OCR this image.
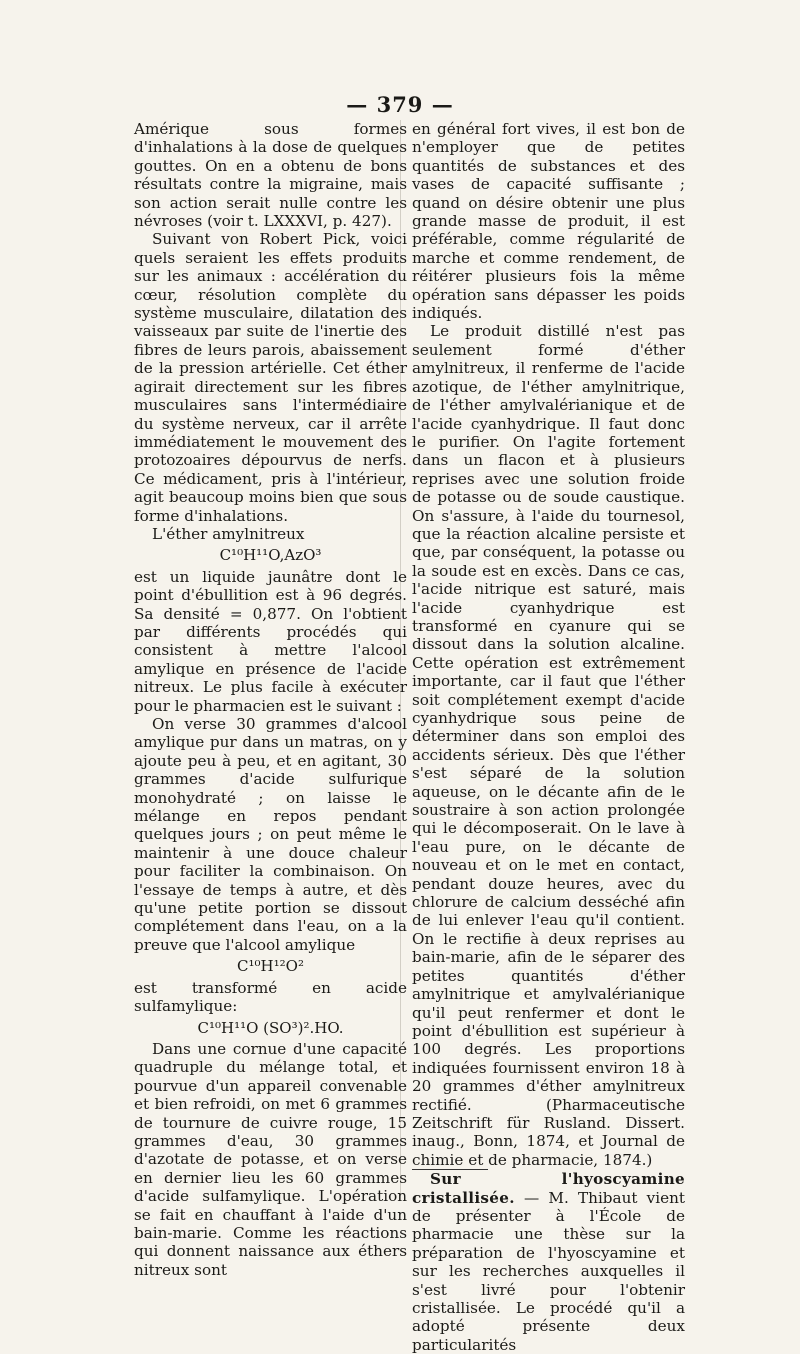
— 379 —

Amérique sous formes d'inhalations à la dose de quelques gouttes. On en a obtenu de bons résultats contre la migraine, mais son action serait nulle contre les névroses (voir t. LXXXVI, p. 427).

Suivant von Robert Pick, voici quels seraient les effets produits sur les animaux : accélération du cœur, résolution complète du système musculaire, dilatation des vaisseaux par suite de l'inertie des fibres de leurs parois, abaissement de la pression artérielle. Cet éther agirait directement sur les fibres musculaires sans l'intermédiaire du système nerveux, car il arrête immédiatement le mouvement des protozoaires dépourvus de nerfs. Ce médicament, pris à l'intérieur, agit beaucoup moins bien que sous forme d'inhalations.

L'éther amylnitreux

C¹⁰H¹¹O,AzO³

est un liquide jaunâtre dont le point d'ébullition est à 96 degrés. Sa densité = 0,877. On l'obtient par différents procédés qui consistent à mettre l'alcool amylique en présence de l'acide nitreux. Le plus facile à exécuter pour le pharmacien est le suivant :

On verse 30 grammes d'alcool amylique pur dans un matras, on y ajoute peu à peu, et en agitant, 30 grammes d'acide sulfurique monohydraté ; on laisse le mélange en repos pendant quelques jours ; on peut même le maintenir à une douce chaleur pour faciliter la combinaison. On l'essaye de temps à autre, et dès qu'une petite portion se dissout complétement dans l'eau, on a la preuve que l'alcool amylique

C¹⁰H¹²O²

est transformé en acide sulfamylique:

C¹⁰H¹¹O (SO³)².HO.

Dans une cornue d'une capacité quadruple du mélange total, et pourvue d'un appareil convenable et bien refroidi, on met 6 grammes de tournure de cuivre rouge, 15 grammes d'eau, 30 grammes d'azotate de potasse, et on verse en dernier lieu les 60 grammes d'acide sulfamylique. L'opération se fait en chauffant à l'aide d'un bain-marie. Comme les réactions qui donnent naissance aux éthers nitreux sont

en général fort vives, il est bon de n'employer que de petites quantités de substances et des vases de capacité suffisante ; quand on désire obtenir une plus grande masse de produit, il est préférable, comme régularité de marche et comme rendement, de réitérer plusieurs fois la même opération sans dépasser les poids indiqués.

Le produit distillé n'est pas seulement formé d'éther amylnitreux, il renferme de l'acide azotique, de l'éther amylnitrique, de l'éther amylvalérianique et de l'acide cyanhydrique. Il faut donc le purifier. On l'agite fortement dans un flacon et à plusieurs reprises avec une solution froide de potasse ou de soude caustique. On s'assure, à l'aide du tournesol, que la réaction alcaline persiste et que, par conséquent, la potasse ou la soude est en excès. Dans ce cas, l'acide nitrique est saturé, mais l'acide cyanhydrique est transformé en cyanure qui se dissout dans la solution alcaline. Cette opération est extrêmement importante, car il faut que l'éther soit complétement exempt d'acide cyanhydrique sous peine de déterminer dans son emploi des accidents sérieux. Dès que l'éther s'est séparé de la solution aqueuse, on le décante afin de le soustraire à son action prolongée qui le décomposerait. On le lave à l'eau pure, on le décante de nouveau et on le met en contact, pendant douze heures, avec du chlorure de calcium desséché afin de lui enlever l'eau qu'il contient. On le rectifie à deux reprises au bain-marie, afin de le séparer des petites quantités d'éther amylnitrique et amylvalérianique qu'il peut renfermer et dont le point d'ébullition est supérieur à 100 degrés. Les proportions indiquées fournissent environ 18 à 20 grammes d'éther amylnitreux rectifié. (Pharmaceutische Zeitschrift für Rusland. Dissert. inaug., Bonn, 1874, et Journal de chimie et de pharmacie, 1874.)

Sur l'hyoscyamine cristallisée. — M. Thibaut vient de présenter à l'École de pharmacie une thèse sur la préparation de l'hyoscyamine et sur les recherches auxquelles il s'est livré pour l'obtenir cristallisée. Le procédé qu'il a adopté présente deux particularités
